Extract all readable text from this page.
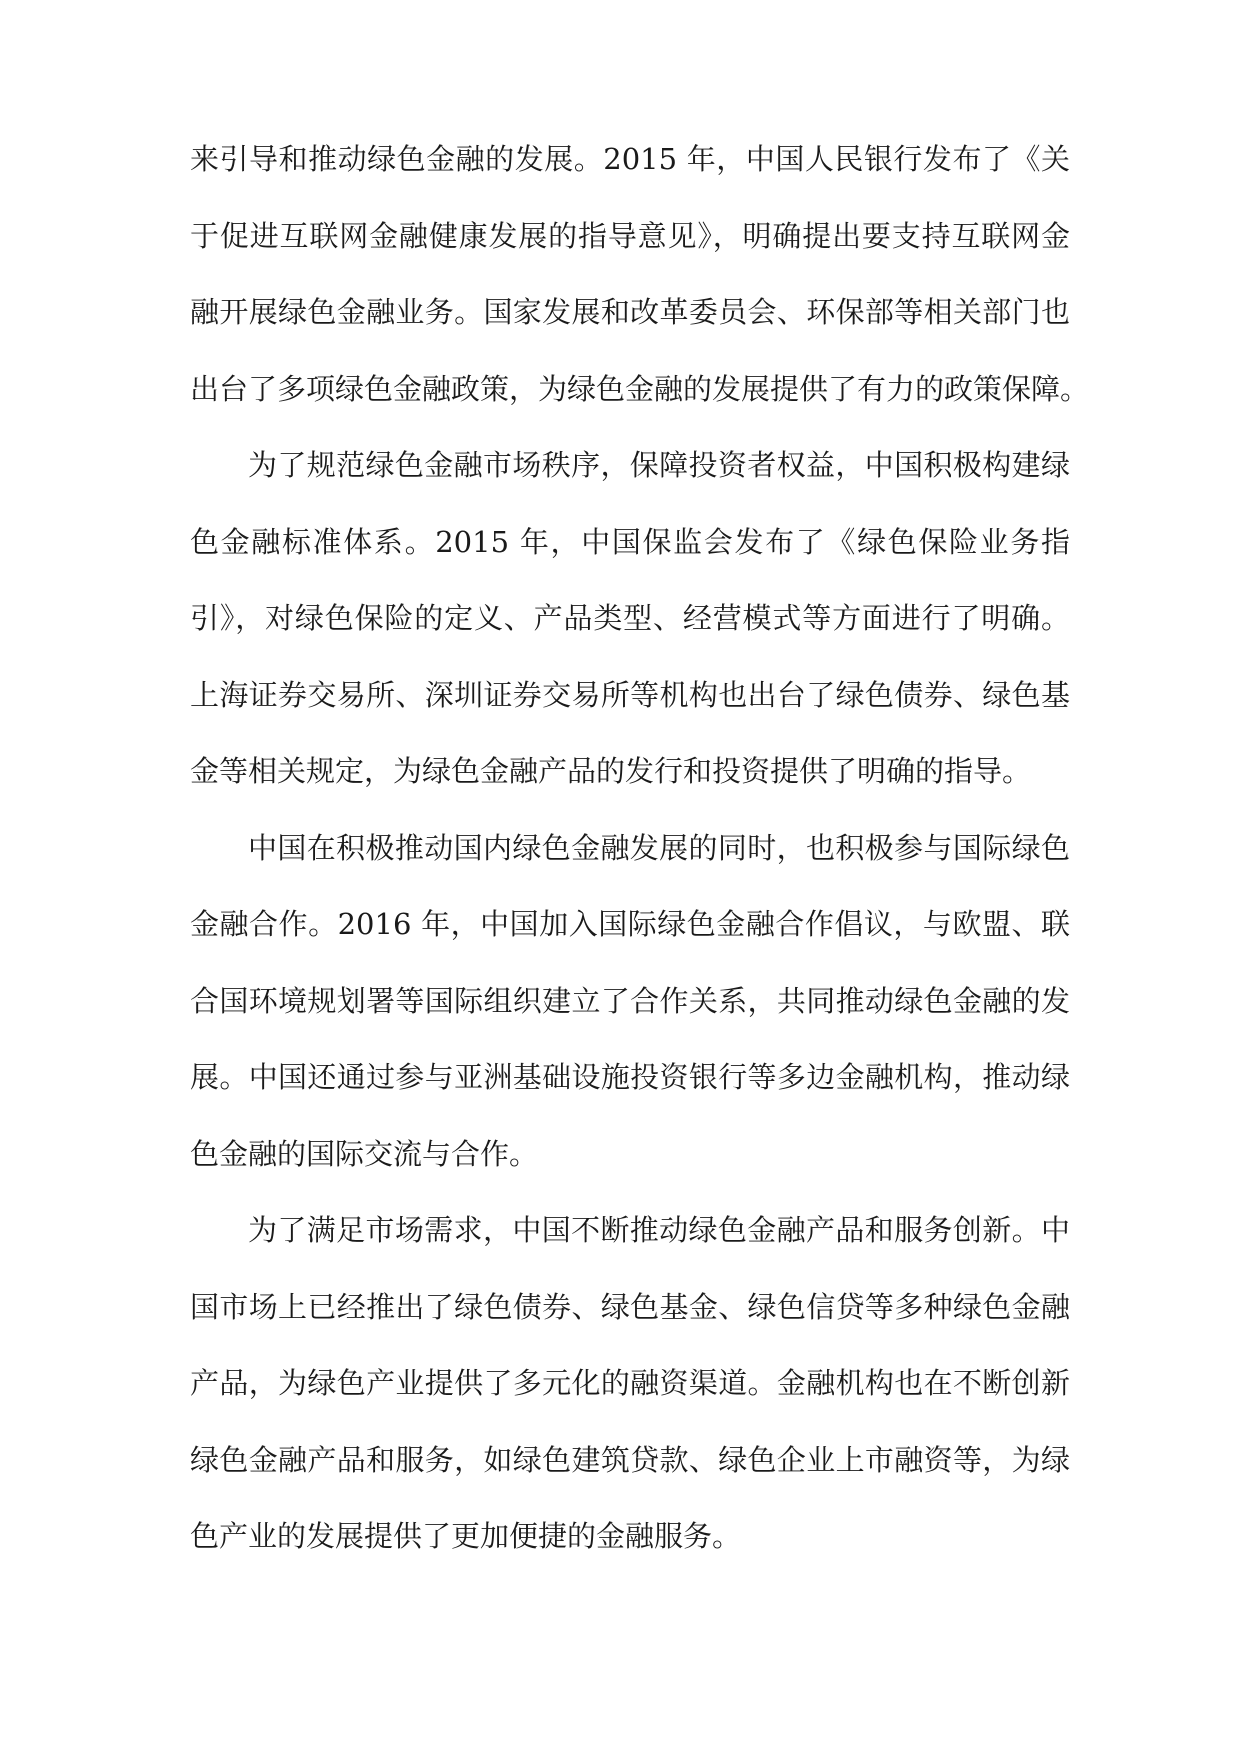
来引导和推动绿色金融的发展。2015 年，中国人民银行发布了《关
于促进互联网金融健康发展的指导意见》，明确提出要支持互联网金
融开展绿色金融业务。国家发展和改革委员会、环保部等相关部门也
出台了多项绿色金融政策，为绿色金融的发展提供了有力的政策保障。
为了规范绿色金融市场秩序，保障投资者权益，中国积极构建绿
色金融标准体系。2015 年，中国保监会发布了《绿色保险业务指
引》，对绿色保险的定义、产品类型、经营模式等方面进行了明确。
上海证券交易所、深圳证券交易所等机构也出台了绿色债券、绿色基
金等相关规定，为绿色金融产品的发行和投资提供了明确的指导。
中国在积极推动国内绿色金融发展的同时，也积极参与国际绿色
金融合作。2016 年，中国加入国际绿色金融合作倡议，与欧盟、联
合国环境规划署等国际组织建立了合作关系，共同推动绿色金融的发
展。中国还通过参与亚洲基础设施投资银行等多边金融机构，推动绿
色金融的国际交流与合作。
为了满足市场需求，中国不断推动绿色金融产品和服务创新。中
国市场上已经推出了绿色债券、绿色基金、绿色信贷等多种绿色金融
产品，为绿色产业提供了多元化的融资渠道。金融机构也在不断创新
绿色金融产品和服务，如绿色建筑贷款、绿色企业上市融资等，为绿
色产业的发展提供了更加便捷的金融服务。
